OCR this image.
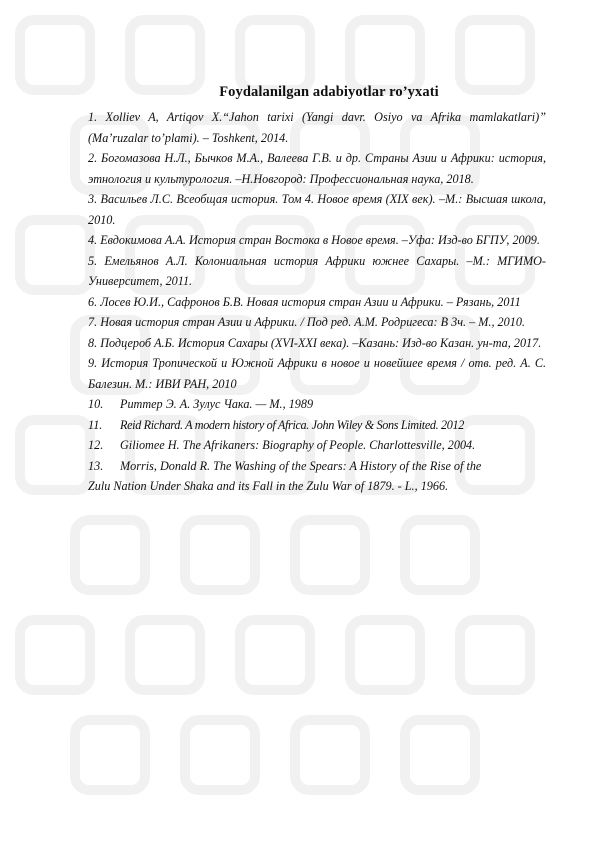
Foydalanilgan adabiyotlar ro’yxati

1. Xolliev A, Artiqov X.“Jahon tarixi (Yangi davr. Osiyo va Afrika mamlakatlari)” (Ma’ruzalar to’plami). – Toshkent, 2014.

2. Богомазова Н.Л., Бычков М.А., Валеева Г.В. и др. Страны Азии и Африки: история, этнология и культурология. –Н.Новгород: Профессиональная наука, 2018.

3. Васильев Л.С. Всеобщая история. Том 4. Новое время (XIX век). –М.: Высшая школа, 2010.

4. Евдокимова А.А. История стран Востока в Новое время. –Уфа: Изд-во БГПУ, 2009.

5. Емельянов А.Л. Колониальная история Африки южнее Сахары. –М.: МГИМО-Университет, 2011.

6. Лосев Ю.И., Сафронов Б.В. Новая история стран Азии и Африки. – Рязань, 2011

7. Новая история стран Азии и Африки. / Под ред. А.М. Родригеса: В 3ч. – М., 2010.

8. Подцероб А.Б. История Сахары (XVI-XXI века). –Казань: Изд-во Казан. ун-та, 2017.

9. История Тропической и Южной Африки в новое и новейшее время / отв. ред. А. С. Балезин. М.: ИВИ РАН, 2010

10.	Риттер Э. А. Зулус Чака. — М., 1989
11.	Reid Richard. A modern history of Africa. John Wiley & Sons Limited. 2012
12.	Giliomee H. The Afrikaners: Biography of People. Charlottesville, 2004.
13.	Morris, Donald R. The Washing of the Spears: A History of the Rise of the

Zulu Nation Under Shaka and its Fall in the Zulu War of 1879. - L., 1966.
